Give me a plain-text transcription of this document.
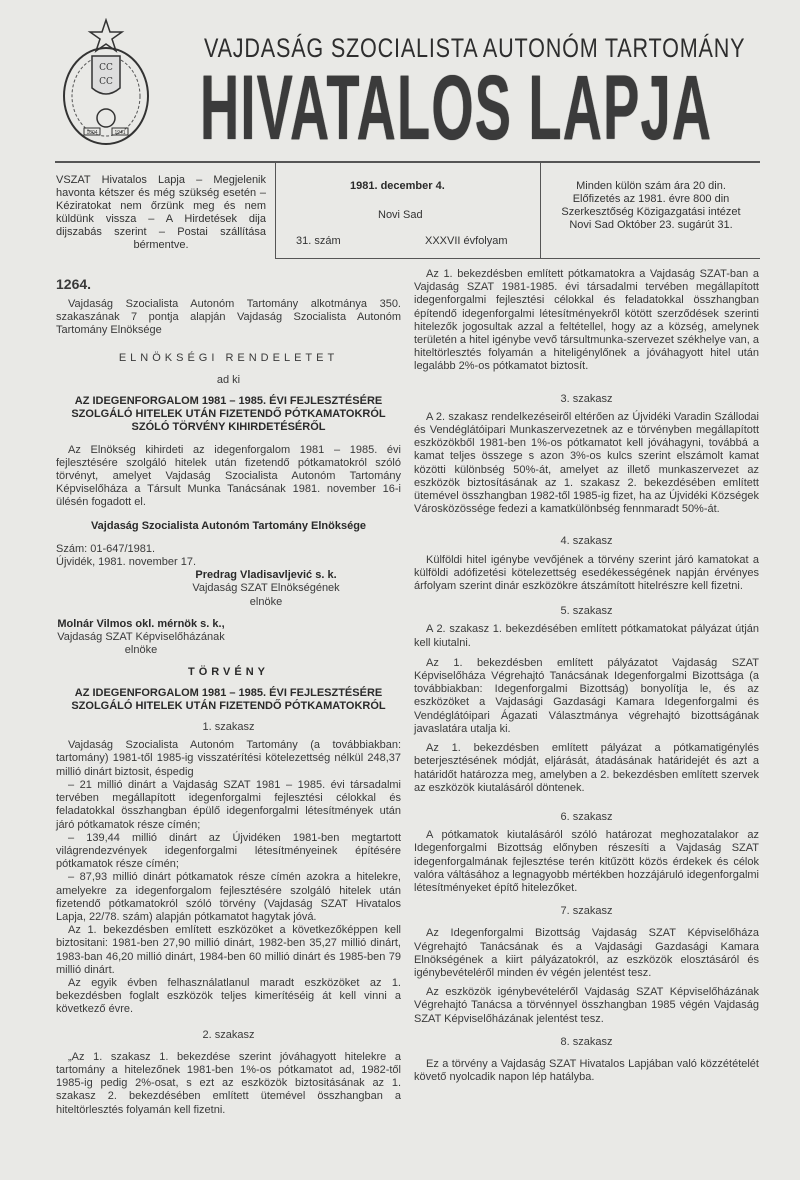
CC
CC
1804	1941
VAJDASÁG SZOCIALISTA AUTONÓM TARTOMÁNY
HIVATALOS LAPJA
VSZAT Hivatalos Lapja – Megjelenik havonta kétszer és még szükség esetén – Kéziratokat nem őrzünk meg és nem küldünk vissza – A Hirdetések dija dijszabás szerint – Postai szállítása bérmentve.
1981. december 4.
Novi Sad
31. szám	XXXVII évfolyam
Minden külön szám ára 20 din. Előfizetés az 1981. évre 800 din Szerkesztőség Közigazgatási intézet Novi Sad Október 23. sugárút 31.
1264.

Vajdaság Szocialista Autonóm Tartomány alkotmánya 350. szakaszának 7 pontja alapján Vajdaság Szocialista Autonóm Tartomány Elnöksége

ELNÖKSÉGI RENDELETET
ad ki
AZ IDEGENFORGALOM 1981 – 1985. ÉVI FEJLESZTÉSÉRE SZOLGÁLÓ HITELEK UTÁN FIZETENDŐ PÓTKAMATOKRÓL SZÓLÓ TÖRVÉNY KIHIRDETÉSÉRŐL

Az Elnökség kihirdeti az idegenforgalom 1981 – 1985. évi fejlesztésére szolgáló hitelek után fizetendő pótkamatokról szóló törvényt, amelyet Vajdaság Szocialista Autonóm Tartomány Képviselőháza a Társult Munka Tanácsának 1981. november 16-i ülésén fogadott el.

Vajdaság Szocialista Autonóm Tartomány Elnöksége
Szám: 01-647/1981.
Újvidék, 1981. november 17.
Predrag Vladisavljević s. k.
Vajdaság SZAT Elnökségének
elnöke
Molnár Vilmos okl. mérnök s. k.,
Vajdaság SZAT Képviselőházának
elnöke
TÖRVÉNY
AZ IDEGENFORGALOM 1981 – 1985. ÉVI FEJLESZTÉSÉRE SZOLGÁLÓ HITELEK UTÁN FIZETENDŐ PÓTKAMATOKRÓL
1. szakasz

Vajdaság Szocialista Autonóm Tartomány (a továbbiakban: tartomány) 1981-től 1985-ig visszatérítési kötelezettség nélkül 248,37 millió dinárt biztosit, éspedig

– 21 millió dinárt a Vajdaság SZAT 1981 – 1985. évi társadalmi tervében megállapított idegenforgalmi fejlesztési célokkal és feladatokkal összhangban épülő idegenforgalmi létesítmények után járó pótkamatok része címén;

– 139,44 millió dinárt az Újvidéken 1981-ben megtartott világrendezvények idegenforgalmi létesítményeinek építésére pótkamatok része címén;

– 87,93 millió dinárt pótkamatok része címén azokra a hitelekre, amelyekre za idegenforgalom fejlesztésére szolgáló hitelek után fizetendő pótkamatokról szóló törvény (Vajdaság SZAT Hivatalos Lapja, 22/78. szám) alapján pótkamatot hagytak jóvá.

Az 1. bekezdésben említett eszközöket a következőképpen kell biztositani: 1981-ben 27,90 millió dinárt, 1982-ben 35,27 millió dinárt, 1983-ban 46,20 millió dinárt, 1984-ben 60 millió dinárt és 1985-ben 79 millió dinárt.

Az egyik évben felhasználatlanul maradt eszközöket az 1. bekezdésben foglalt eszközök teljes kimerítéséig át kell vinni a következő évre.

2. szakasz

„Az 1. szakasz 1. bekezdése szerint jóváhagyott hitelekre a tartomány a hitelezőnek 1981-ben 1%-os pótkamatot ad, 1982-től 1985-ig pedig 2%-osat, s ezt az eszközök biztositásának az 1. szakasz 2. bekezdésében említett ütemével összhangban a hiteltörlesztés folyamán kell fizetni.

Az 1. bekezdésben említett pótkamatokra a Vajdaság SZAT-ban a Vajdaság SZAT 1981-1985. évi társadalmi tervében megállapított idegenforgalmi fejlesztési célokkal és feladatokkal összhangban építendő idegenforgalmi létesítményekről kötött szerződések szerinti hitelezők jogosultak azzal a feltétellel, hogy az a község, amelynek területén a hitel igénybe vevő társultmunka-szervezet székhelye van, a hiteltörlesztés folyamán a hiteligénylőnek a jóváhagyott hitel után legalább 2%-os pótkamatot biztosít.

3. szakasz

A 2. szakasz rendelkezéseiről eltérően az Újvidéki Varadin Szállodai és Vendéglátóipari Munkaszervezetnek az e törvényben megállapított eszközökből 1981-ben 1%-os pótkamatot kell jóváhagyni, továbbá a kamat teljes összege s azon 3%-os kulcs szerint elszámolt kamat közötti különbség 50%-át, amelyet az illető munkaszervezet az eszközök biztosításának az 1. szakasz 2. bekezdésében említett ütemével összhangban 1982-től 1985-ig fizet, ha az Újvidéki Községek Városközössége fedezi a kamatkülönbség fennmaradt 50%-át.

4. szakasz

Külföldi hitel igénybe vevőjének a törvény szerint járó kamatokat a külföldi adófizetési kötelezettség esedékességének napján érvényes árfolyam szerint dinár eszközökre átszámított hitelrészre kell fizetni.

5. szakasz

A 2. szakasz 1. bekezdésében említett pótkamatokat pályázat útján kell kiutalni.

Az 1. bekezdésben említett pályázatot Vajdaság SZAT Képviselőháza Végrehajtó Tanácsának Idegenforgalmi Bizottsága (a továbbiakban: Idegenforgalmi Bizottság) bonyolítja le, és az eszközöket a Vajdasági Gazdasági Kamara Idegenforgalmi és Vendéglátóipari Ágazati Választmánya végrehajtó bizottságának javaslatára utalja ki.

Az 1. bekezdésben említett pályázat a pótkamatigénylés beterjesztésének módját, eljárását, átadásának határidejét és azt a határidőt határozza meg, amelyben a 2. bekezdésben említett szervek az eszközök kiutalásáról döntenek.

6. szakasz

A pótkamatok kiutalásáról szóló határozat meghozatalakor az Idegenforgalmi Bizottság előnyben részesíti a Vajdaság SZAT idegenforgalmának fejlesztése terén kitűzött közös érdekek és célok valóra váltásához a legnagyobb mértékben hozzájáruló idegenforgalmi létesítményeket építő hitelezőket.

7. szakasz

Az Idegenforgalmi Bizottság Vajdaság SZAT Képviselőháza Végrehajtó Tanácsának és a Vajdasági Gazdasági Kamara Elnökségének a kiirt pályázatokról, az eszközök elosztásáról és igénybevételéről minden év végén jelentést tesz.

Az eszközök igénybevételéről Vajdaság SZAT Képviselőházának Végrehajtó Tanácsa a törvénnyel összhangban 1985 végén Vajdaság SZAT Képviselőházának jelentést tesz.

8. szakasz

Ez a törvény a Vajdaság SZAT Hivatalos Lapjában való közzétételét követő nyolcadik napon lép hatályba.
